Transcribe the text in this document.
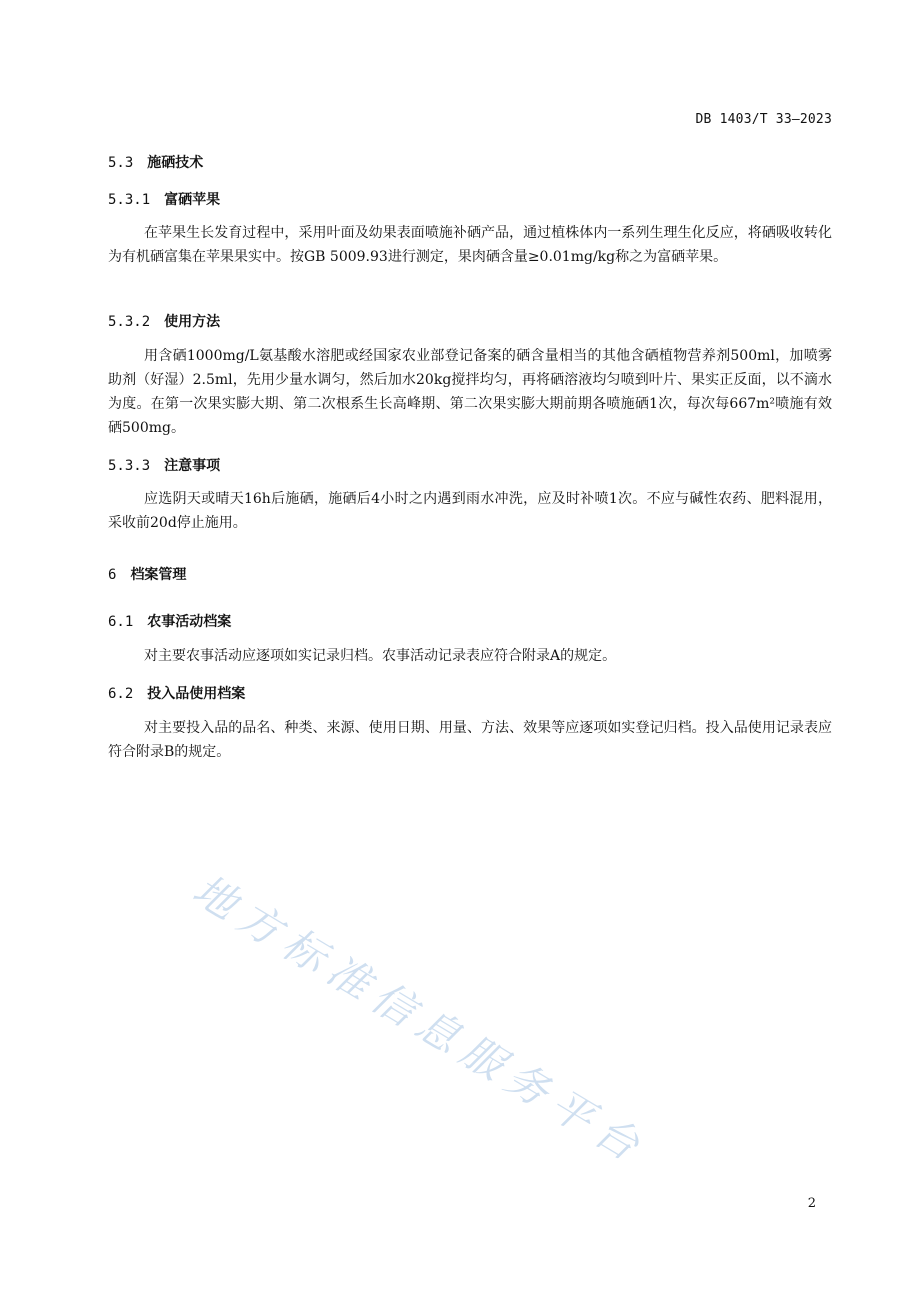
DB 1403/T 33—2023
5.3 施硒技术
5.3.1 富硒苹果
在苹果生长发育过程中，采用叶面及幼果表面喷施补硒产品，通过植株体内一系列生理生化反应，将硒吸收转化为有机硒富集在苹果果实中。按GB 5009.93进行测定，果肉硒含量≥0.01mg/kg称之为富硒苹果。
5.3.2 使用方法
用含硒1000mg/L氨基酸水溶肥或经国家农业部登记备案的硒含量相当的其他含硒植物营养剂500ml，加喷雾助剂（好湿）2.5ml，先用少量水调匀，然后加水20kg搅拌均匀，再将硒溶液均匀喷到叶片、果实正反面，以不滴水为度。在第一次果实膨大期、第二次根系生长高峰期、第二次果实膨大期前期各喷施硒1次，每次每667m²喷施有效硒500mg。
5.3.3 注意事项
应选阴天或晴天16h后施硒，施硒后4小时之内遇到雨水冲洗，应及时补喷1次。不应与碱性农药、肥料混用，采收前20d停止施用。
6 档案管理
6.1 农事活动档案
对主要农事活动应逐项如实记录归档。农事活动记录表应符合附录A的规定。
6.2 投入品使用档案
对主要投入品的品名、种类、来源、使用日期、用量、方法、效果等应逐项如实登记归档。投入品使用记录表应符合附录B的规定。
地方标准信息服务平台
2
